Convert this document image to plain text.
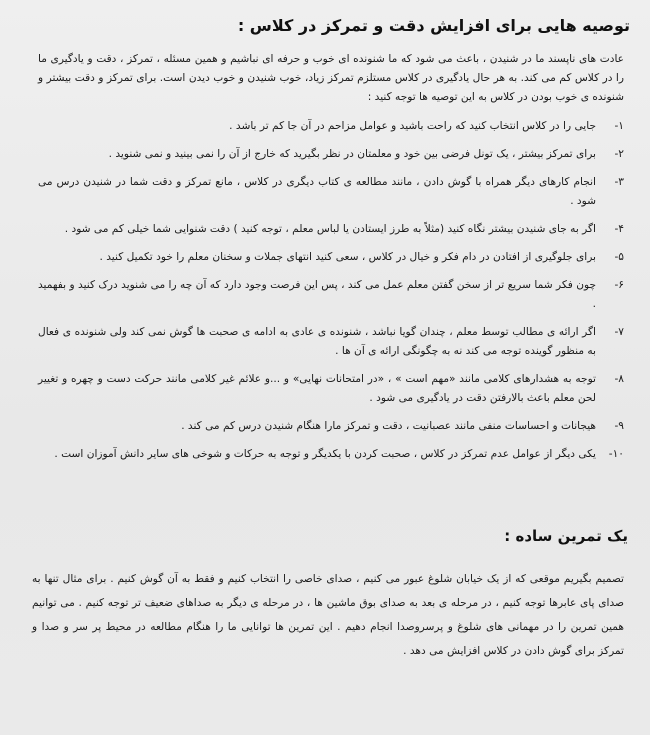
توصیه هایی برای افزایش دقت و تمرکز در کلاس :

عادت های ناپسند ما در شنیدن ، باعث می شود که ما شنونده ای خوب و حرفه ای نباشیم و همین مسئله ، تمرکز ، دقت و یادگیری ما را در کلاس کم می کند. به هر حال یادگیری در کلاس مستلزم تمرکز زیاد، خوب شنیدن و خوب دیدن است. برای تمرکز و دقت بیشتر و شنونده ی خوب بودن در کلاس به این توصیه ها توجه کنید :

۱-
جایی را در کلاس انتخاب کنید که راحت باشید و عوامل مزاحم در آن جا کم تر باشد .
۲-
برای تمرکز بیشتر ، یک تونل فرضی بین خود و معلمتان در نظر بگیرید که خارج از آن را نمی بینید و نمی شنوید .
۳-
انجام کارهای دیگر همراه با گوش دادن ، مانند مطالعه ی کتاب دیگری در کلاس ، مانع تمرکز و دقت شما در شنیدن درس می شود .
۴-
اگر به جای شنیدن بیشتر نگاه کنید (مثلاً به طرز ایستادن یا لباس معلم ، توجه کنید ) دقت شنوایی شما خیلی کم می شود .
۵-
برای جلوگیری از افتادن در دام فکر و خیال در کلاس ، سعی کنید انتهای جملات و سخنان معلم را خود تکمیل کنید .
۶-
چون فکر شما سریع تر از سخن گفتن معلم عمل می کند ، پس این فرصت وجود دارد که آن چه را می شنوید درک کنید و بفهمید .
۷-
اگر ارائه ی مطالب توسط معلم ، چندان گویا نباشد ، شنونده ی عادی به ادامه ی صحبت ها گوش نمی کند ولی شنونده ی فعال به منظور گوینده توجه می کند نه به چگونگی ارائه ی آن ها .
۸-
توجه به هشدارهای کلامی مانند «مهم است » ، «در امتحانات نهایی» و ...و علائم غیر کلامی مانند حرکت دست و چهره و تغییر لحن معلم باعث بالارفتن دقت در یادگیری می شود .
۹-
هیجانات و احساسات منفی مانند عصبانیت ، دقت و تمرکز مارا هنگام شنیدن درس کم می کند .
۱۰-
یکی دیگر از عوامل عدم تمرکز در کلاس ، صحبت کردن با یکدیگر و توجه به حرکات و شوخی های سایر دانش آموزان است .
یک تمرین ساده :

تصمیم بگیریم موقعی که از یک خیابان شلوغ عبور می کنیم ، صدای خاصی را انتخاب کنیم و فقط به آن گوش کنیم . برای مثال تنها به صدای پای عابرها توجه کنیم ، در مرحله ی بعد به صدای بوق ماشین ها ، در مرحله ی دیگر به صداهای ضعیف تر توجه کنیم . می توانیم همین تمرین را در مهمانی های شلوغ و پرسروصدا انجام دهیم . این تمرین ها توانایی ما را هنگام مطالعه در محیط پر سر و صدا و تمرکز برای گوش دادن در کلاس افزایش می دهد .
